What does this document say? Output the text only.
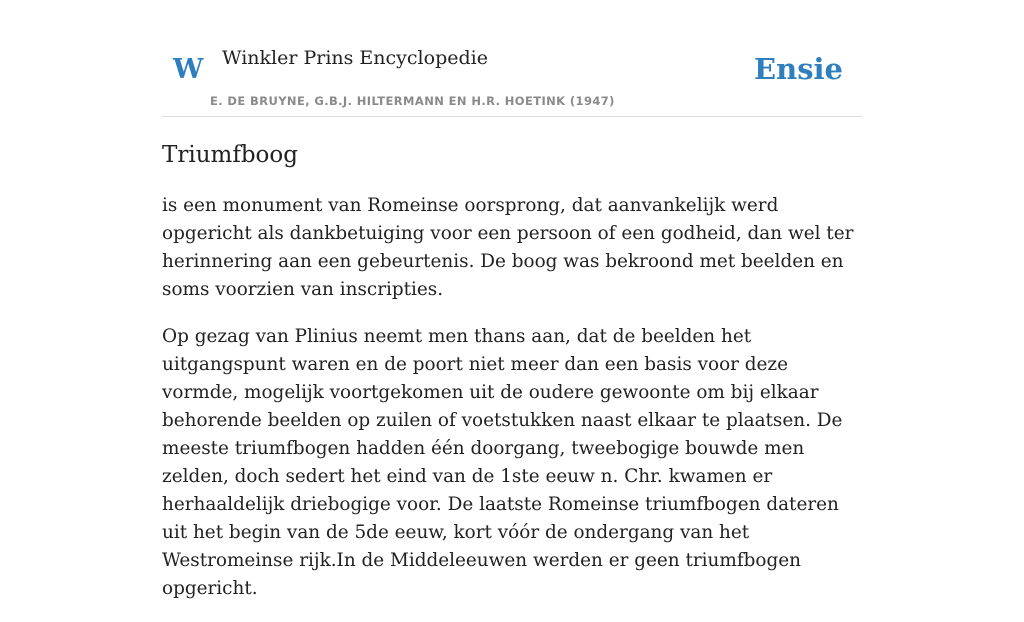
W Winkler Prins Encyclopedie
E. DE BRUYNE, G.B.J. HILTERMANN EN H.R. HOETINK (1947)
Ensie
Triumfboog

is een monument van Romeinse oorsprong, dat aanvankelijk werd opgericht als dankbetuiging voor een persoon of een godheid, dan wel ter herinnering aan een gebeurtenis. De boog was bekroond met beelden en soms voorzien van inscripties.

Op gezag van Plinius neemt men thans aan, dat de beelden het uitgangspunt waren en de poort niet meer dan een basis voor deze vormde, mogelijk voortgekomen uit de oudere gewoonte om bij elkaar behorende beelden op zuilen of voetstukken naast elkaar te plaatsen. De meeste triumfbogen hadden één doorgang, tweebogige bouwde men zelden, doch sedert het eind van de 1ste eeuw n. Chr. kwamen er herhaaldelijk driebogige voor. De laatste Romeinse triumfbogen dateren uit het begin van de 5de eeuw, kort vóór de ondergang van het Westromeinse rijk.In de Middeleeuwen werden er geen triumfbogen opgericht.
